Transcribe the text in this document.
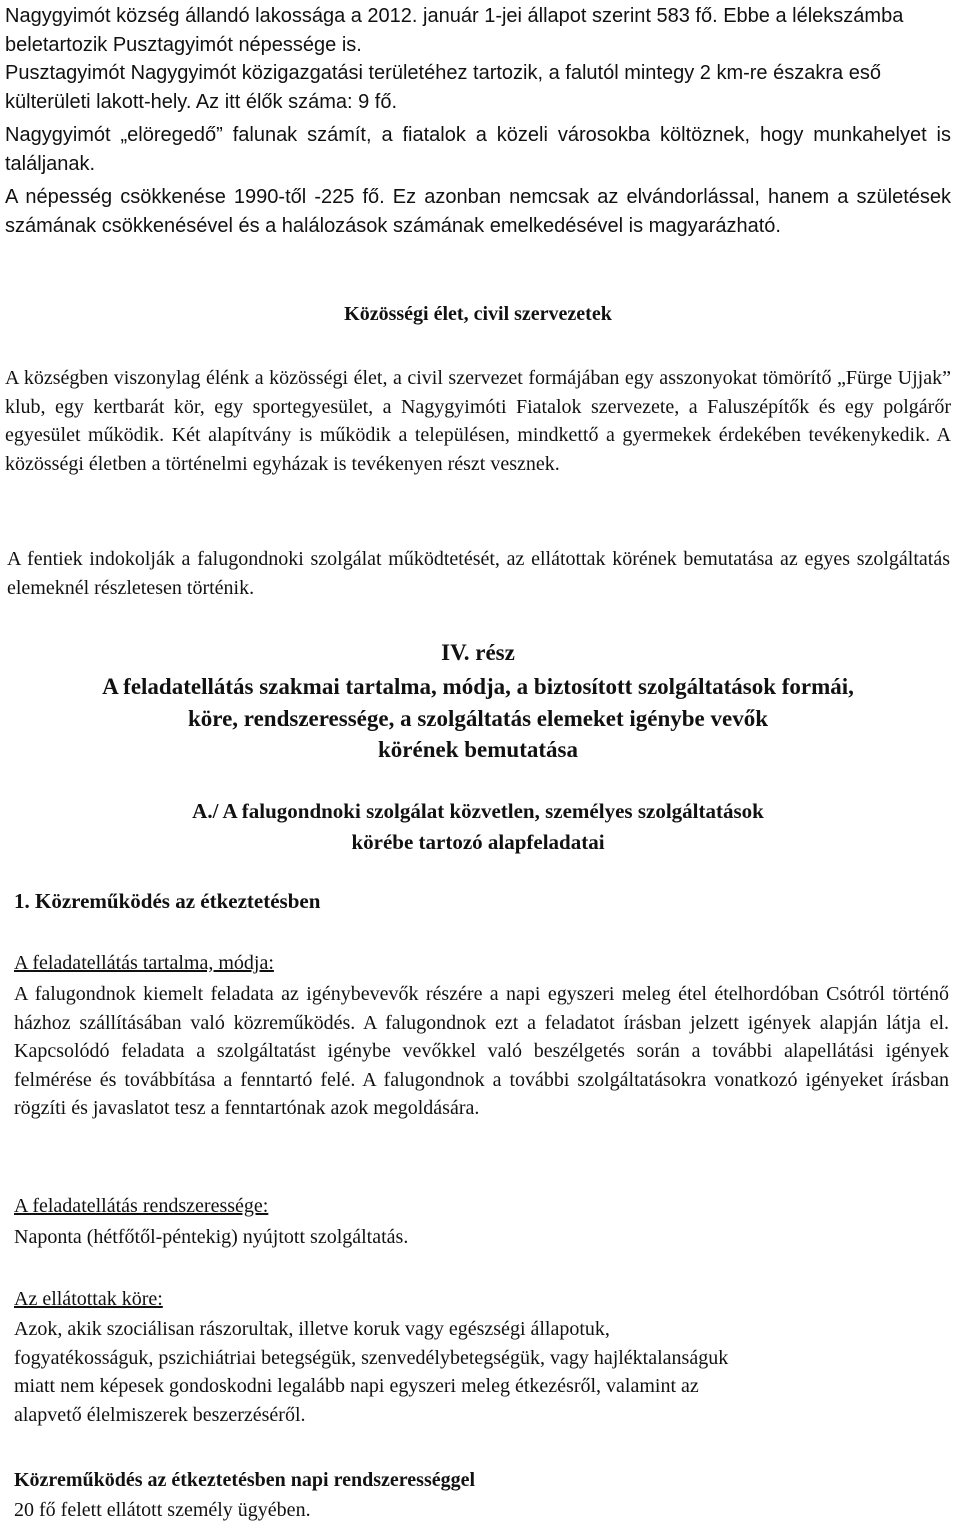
Nagygyimót község állandó lakossága a 2012. január 1-jei állapot szerint 583 fő. Ebbe a lélekszámba beletartozik Pusztagyimót népessége is.

Pusztagyimót Nagygyimót közigazgatási területéhez tartozik, a falutól mintegy 2 km-re északra eső külterületi lakott-hely. Az itt élők száma: 9 fő.

Nagygyimót „elöregedő” falunak számít, a fiatalok a közeli városokba költöznek, hogy munkahelyet is találjanak.

A népesség csökkenése 1990-től -225 fő. Ez azonban nemcsak az elvándorlással, hanem a születések számának csökkenésével és a halálozások számának emelkedésével is magyarázható.

Közösségi élet, civil szervezetek

A községben viszonylag élénk a közösségi élet, a civil szervezet formájában egy asszonyokat tömörítő „Fürge Ujjak” klub, egy kertbarát kör, egy sportegyesület, a Nagygyimóti Fiatalok szervezete, a Faluszépítők és egy polgárőr egyesület működik. Két alapítvány is működik a településen, mindkettő a gyermekek érdekében tevékenykedik. A közösségi életben a történelmi egyházak is tevékenyen részt vesznek.

A fentiek indokolják a falugondnoki szolgálat működtetését, az ellátottak körének bemutatása az egyes szolgáltatás elemeknél részletesen történik.

IV. rész
A feladatellátás szakmai tartalma, módja, a biztosított szolgáltatások formái,
köre, rendszeressége, a szolgáltatás elemeket igénybe vevők
körének bemutatása
A./ A falugondnoki szolgálat közvetlen, személyes szolgáltatások
körébe tartozó alapfeladatai
1. Közreműködés az étkeztetésben
A feladatellátás tartalma, módja:

A falugondnok kiemelt feladata az igénybevevők részére a napi egyszeri meleg étel ételhordóban Csótról történő házhoz szállításában való közreműködés. A falugondnok ezt a feladatot írásban jelzett igények alapján látja el. Kapcsolódó feladata a szolgáltatást igénybe vevőkkel való beszélgetés során a további alapellátási igények felmérése és továbbítása a fenntartó felé. A falugondnok a további szolgáltatásokra vonatkozó igényeket írásban rögzíti és javaslatot tesz a fenntartónak azok megoldására.

A feladatellátás rendszeressége:
Naponta (hétfőtől-péntekig) nyújtott szolgáltatás.
Az ellátottak köre:
Azok, akik szociálisan rászorultak, illetve koruk vagy egészségi állapotuk,
fogyatékosságuk, pszichiátriai betegségük, szenvedélybetegségük, vagy hajléktalanságuk
miatt nem képesek gondoskodni legalább napi egyszeri meleg étkezésről, valamint az
alapvető élelmiszerek beszerzéséről.
Közreműködés az étkeztetésben napi rendszerességgel
20 fő felett ellátott személy ügyében.
